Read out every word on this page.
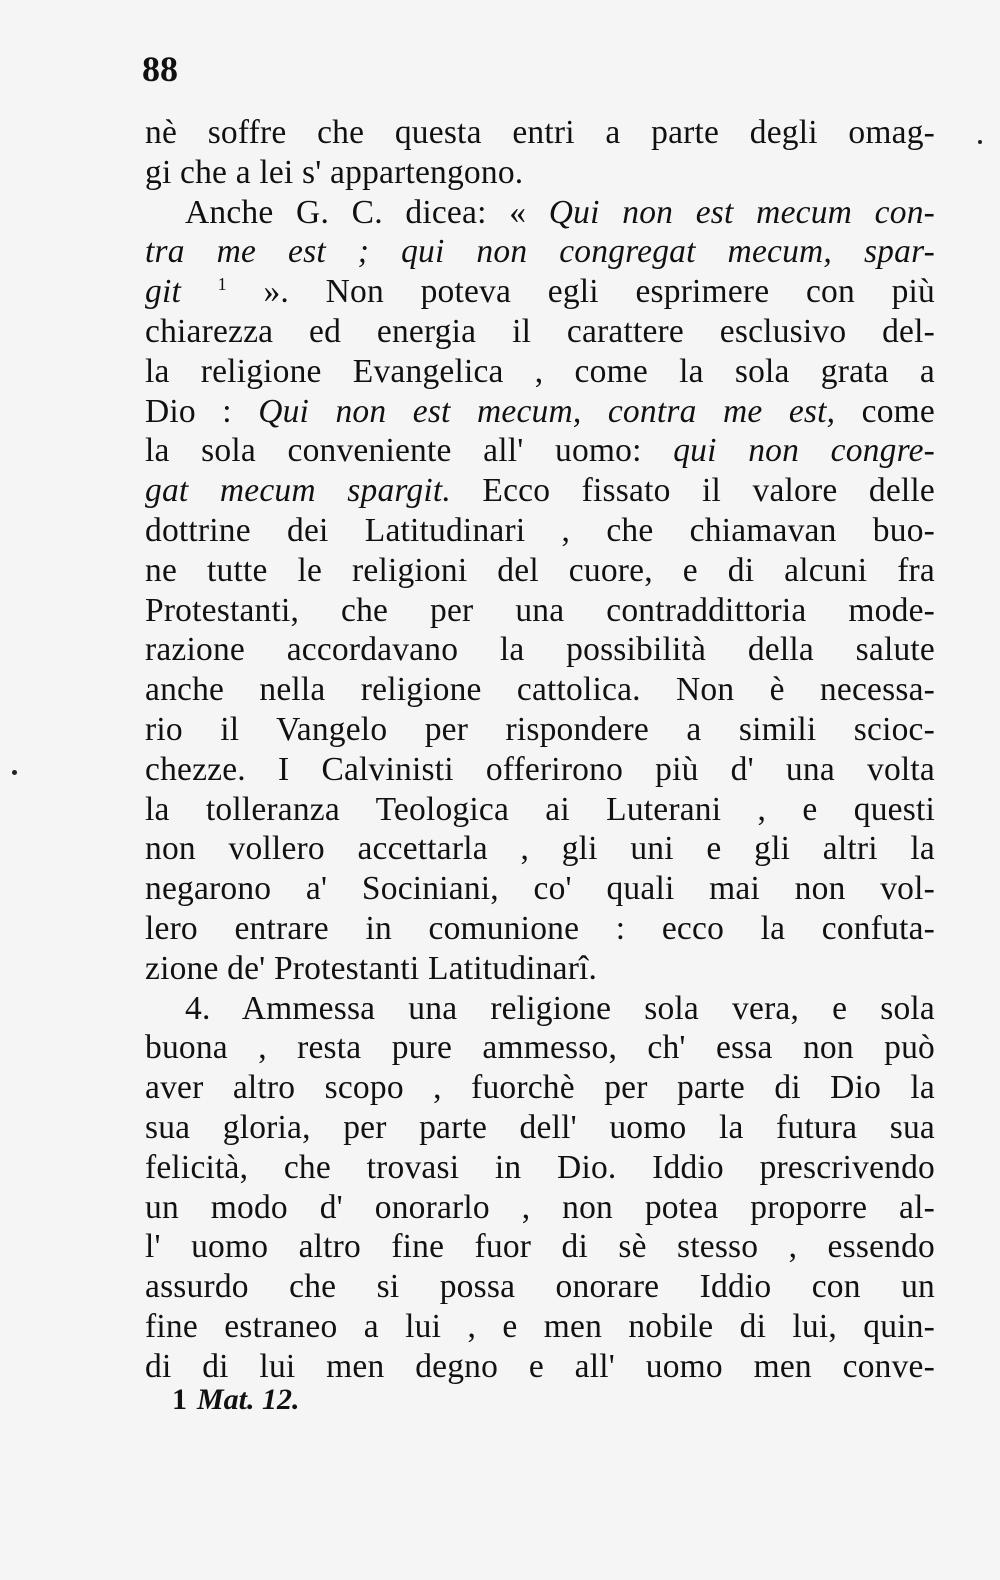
88
nè soffre che questa entri a parte degli omag-
gi che a lei s' appartengono.
Anche G. C. dicea: « Qui non est mecum con-
tra me est ; qui non congregat mecum, spar-
git $^1$ ». Non poteva egli esprimere con più
chiarezza ed energia il carattere esclusivo del-
la religione Evangelica , come la sola grata a
Dio : Qui non est mecum, contra me est, come
la sola conveniente all' uomo: qui non congre-
gat mecum spargit. Ecco fissato il valore delle
dottrine dei Latitudinari , che chiamavan buo-
ne tutte le religioni del cuore, e di alcuni fra
Protestanti, che per una contraddittoria mode-
razione accordavano la possibilità della salute
anche nella religione cattolica. Non è necessa-
rio il Vangelo per rispondere a simili scioc-
chezze. I Calvinisti offerirono più d' una volta
la tolleranza Teologica ai Luterani , e questi
non vollero accettarla , gli uni e gli altri la
negarono a' Sociniani, co' quali mai non vol-
lero entrare in comunione : ecco la confuta-
zione de' Protestanti Latitudinarî.
4. Ammessa una religione sola vera, e sola
buona , resta pure ammesso, ch' essa non può
aver altro scopo , fuorchè per parte di Dio la
sua gloria, per parte dell' uomo la futura sua
felicità, che trovasi in Dio. Iddio prescrivendo
un modo d' onorarlo , non potea proporre al-
l' uomo altro fine fuor di sè stesso , essendo
assurdo che si possa onorare Iddio con un
fine estraneo a lui , e men nobile di lui, quin-
di di lui men degno e all' uomo men conve-
1 Mat. 12.
